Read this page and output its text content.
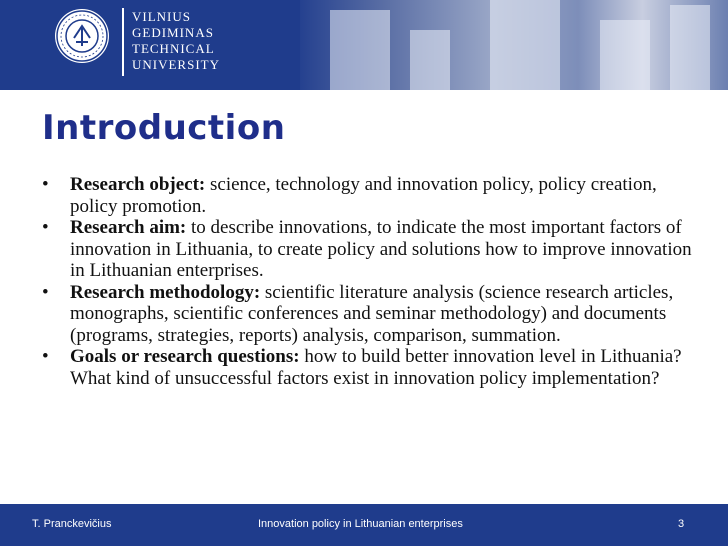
VILNIUS
GEDIMINAS
TECHNICAL
UNIVERSITY
Introduction
• Research object: science, technology and innovation policy, policy creation, policy promotion.
• Research aim: to describe innovations, to indicate the most important factors of innovation in Lithuania, to create policy and solutions how to improve innovation in Lithuanian enterprises.
• Research methodology: scientific literature analysis (science research articles, monographs, scientific conferences and seminar methodology) and documents (programs, strategies, reports) analysis, comparison, summation.
• Goals or research questions: how to build better innovation level in Lithuania? What kind of unsuccessful factors exist in innovation policy implementation?
T. Pranckevičius	Innovation policy in Lithuanian enterprises	3
